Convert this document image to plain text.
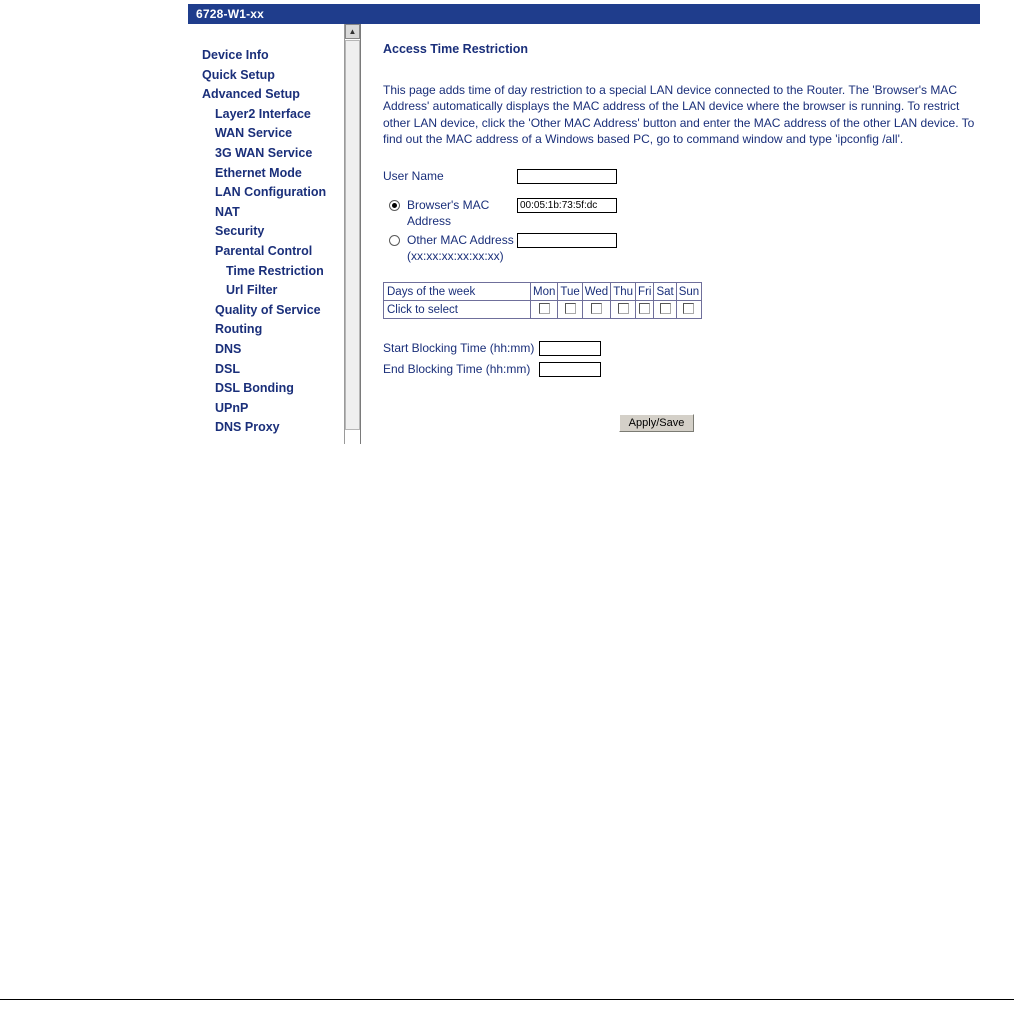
6728-W1-xx
Device Info
Quick Setup
Advanced Setup
Layer2 Interface
WAN Service
3G WAN Service
Ethernet Mode
LAN Configuration
NAT
Security
Parental Control
Time Restriction
Url Filter
Quality of Service
Routing
DNS
DSL
DSL Bonding
UPnP
DNS Proxy
▲
Access Time Restriction
This page adds time of day restriction to a special LAN device connected to the Router. The 'Browser's MAC Address' automatically displays the MAC address of the LAN device where the browser is running. To restrict other LAN device, click the 'Other MAC Address' button and enter the MAC address of the other LAN device. To find out the MAC address of a Windows based PC, go to command window and type 'ipconfig /all'.
User Name
Browser's MAC Address
00:05:1b:73:5f:dc
Other MAC Address
(xx:xx:xx:xx:xx:xx)
Days of the week	Mon	Tue	Wed	Thu	Fri	Sat	Sun
Click to select							
Start Blocking Time (hh:mm)
End Blocking Time (hh:mm)
Apply/Save
